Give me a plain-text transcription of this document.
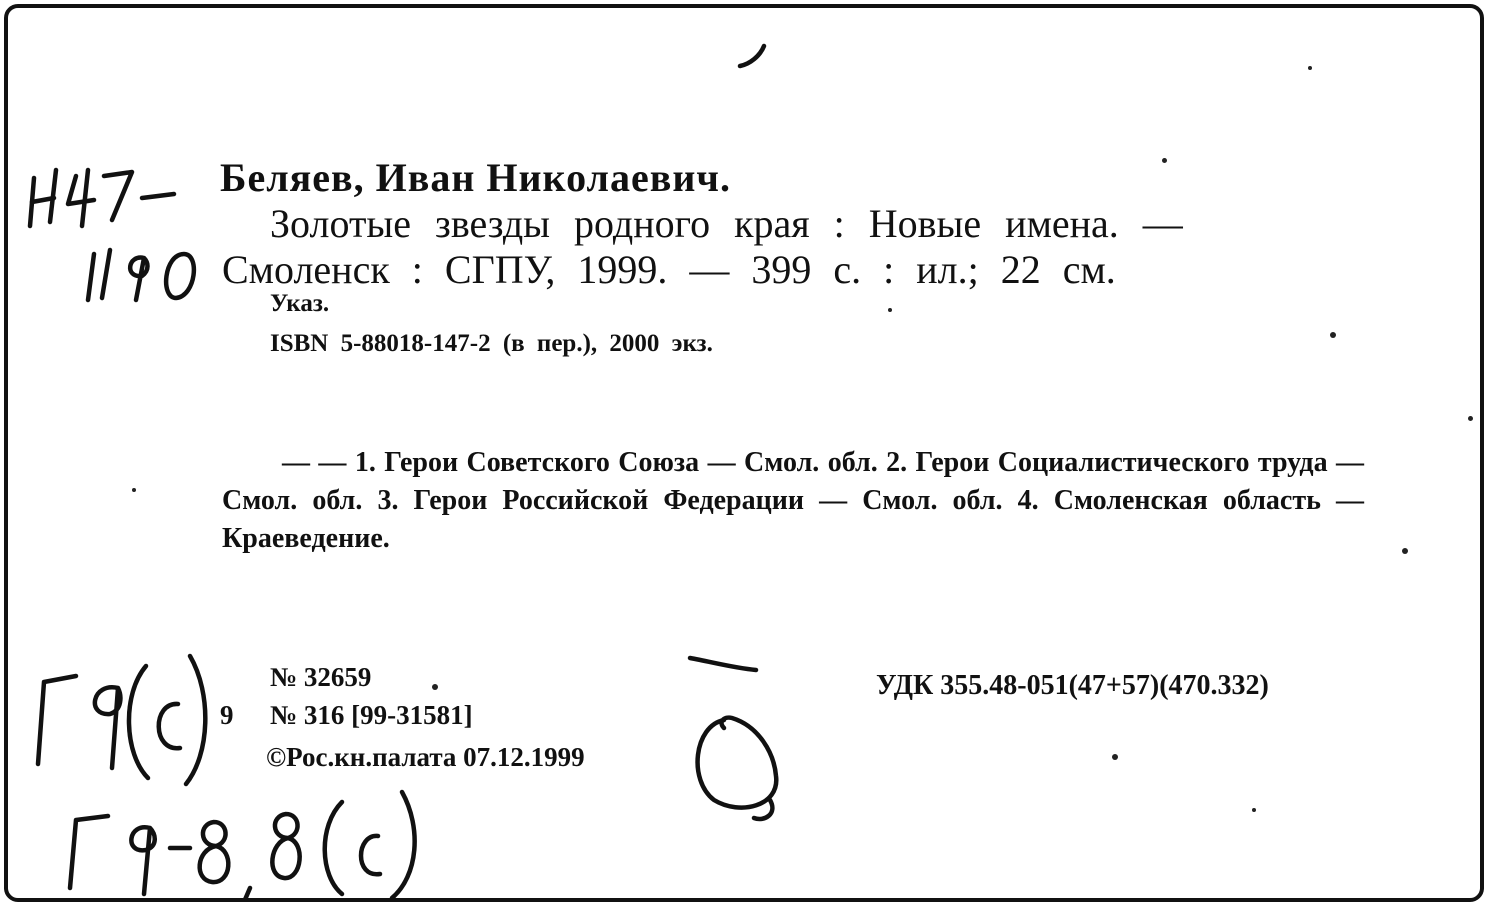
Беляев, Иван Николаевич.
Золотые звезды родного края : Новые имена. —
Смоленск : СГПУ, 1999. — 399 с. : ил.; 22 см.
Указ.
ISBN 5-88018-147-2 (в пер.), 2000 экз.
— — 1. Герои Советского Союза — Смол. обл. 2. Герои Социалистического труда — Смол. обл. 3. Герои Российской Федерации — Смол. обл. 4. Смоленская область — Краеведение.
№ 32659
9 № 316 [99-31581]
©Рос.кн.палата 07.12.1999
УДК 355.48-051(47+57)(470.332)
